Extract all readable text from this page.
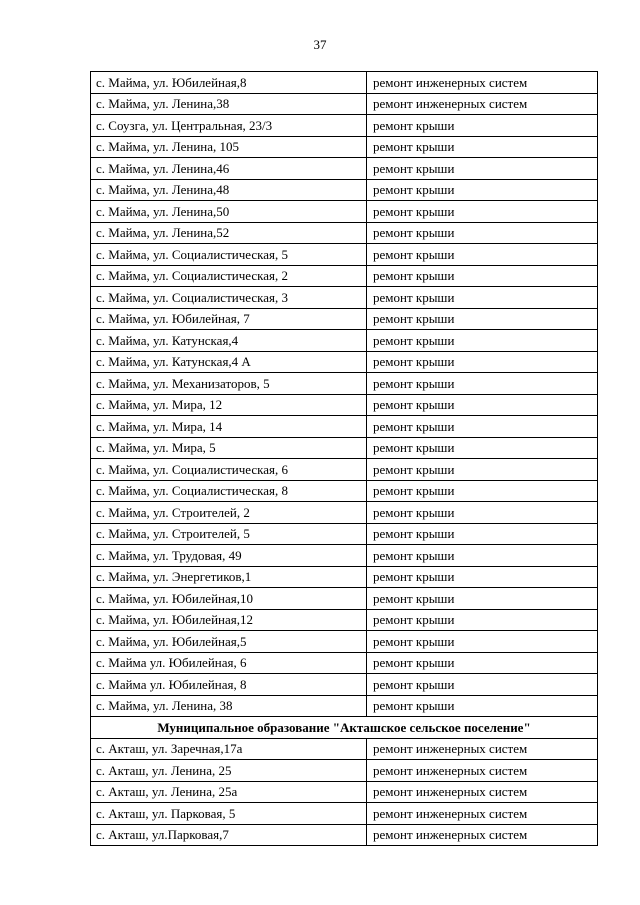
37
с. Майма, ул. Юбилейная,8	ремонт инженерных систем
с. Майма, ул. Ленина,38	ремонт инженерных систем
с. Соузга, ул. Центральная, 23/3	ремонт крыши
с. Майма, ул. Ленина, 105	ремонт крыши
с. Майма, ул. Ленина,46	ремонт крыши
с. Майма, ул. Ленина,48	ремонт крыши
с. Майма, ул. Ленина,50	ремонт крыши
с. Майма, ул. Ленина,52	ремонт крыши
с. Майма, ул. Социалистическая, 5	ремонт крыши
с. Майма, ул. Социалистическая, 2	ремонт крыши
с. Майма, ул. Социалистическая, 3	ремонт крыши
с. Майма, ул. Юбилейная, 7	ремонт крыши
с. Майма, ул. Катунская,4	ремонт крыши
с. Майма, ул. Катунская,4 А	ремонт крыши
с. Майма, ул. Механизаторов, 5	ремонт крыши
с. Майма, ул. Мира, 12	ремонт крыши
с. Майма, ул. Мира, 14	ремонт крыши
с. Майма, ул. Мира, 5	ремонт крыши
с. Майма, ул. Социалистическая, 6	ремонт крыши
с. Майма, ул. Социалистическая, 8	ремонт крыши
с. Майма, ул. Строителей, 2	ремонт крыши
с. Майма, ул. Строителей, 5	ремонт крыши
с. Майма, ул. Трудовая, 49	ремонт крыши
с. Майма, ул. Энергетиков,1	ремонт крыши
с. Майма, ул. Юбилейная,10	ремонт крыши
с. Майма, ул. Юбилейная,12	ремонт крыши
с. Майма, ул. Юбилейная,5	ремонт крыши
с. Майма ул. Юбилейная, 6	ремонт крыши
с. Майма ул. Юбилейная, 8	ремонт крыши
с. Майма, ул. Ленина, 38	ремонт крыши
Муниципальное образование "Акташское сельское поселение"	
с. Акташ, ул. Заречная,17а	ремонт инженерных систем
с. Акташ, ул. Ленина, 25	ремонт инженерных систем
с. Акташ, ул. Ленина, 25а	ремонт инженерных систем
с. Акташ, ул. Парковая, 5	ремонт инженерных систем
с. Акташ, ул.Парковая,7	ремонт инженерных систем
